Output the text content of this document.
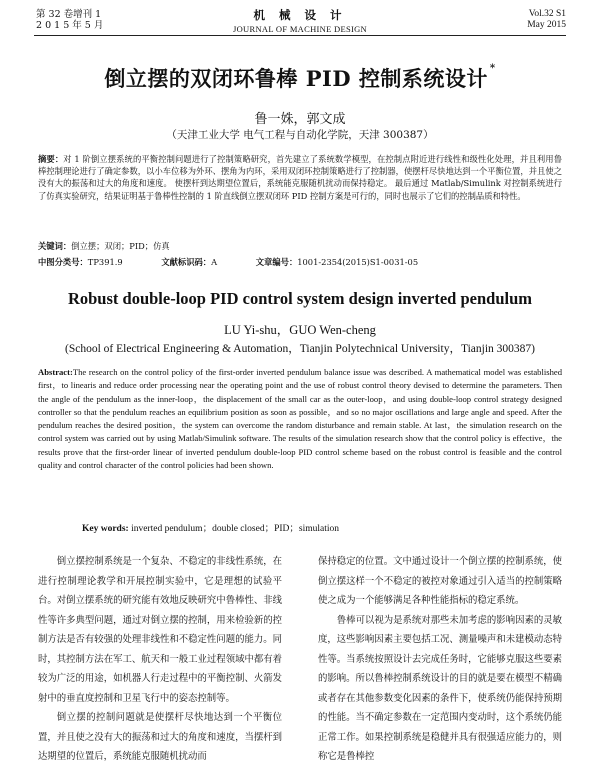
第 32 卷增刊 1
2 0 1 5 年 5 月
机 械 设 计
JOURNAL OF MACHINE DESIGN
Vol.32 S1
May 2015
倒立摆的双闭环鲁棒 PID 控制系统设计 *
鲁一姝，郭文成
（天津工业大学 电气工程与自动化学院，天津 300387）
摘要：对 1 阶倒立摆系统的平衡控制问题进行了控制策略研究，首先建立了系统数学模型，在控制点附近进行线性和级性化处理，并且利用鲁棒控制理论进行了确定参数，以小车位移为外环、摆角为内环，采用双闭环控制策略进行了控制器，使摆杆尽快地达到一个平衡位置，并且使之没有大的振荡和过大的角度和速度。 使摆杆到达期望位置后，系统能克服随机扰动而保持稳定。 最后通过 Matlab/Simulink 对控制系统进行了仿真实验研究，结果证明基于鲁棒性控制的 1 阶直线倒立摆双闭环 PID 控制方案是可行的，同时也展示了它们的控制品质和特性。
关键词：倒立摆；双闭；PID；仿真
中图分类号：TP391.9	文献标识码：A	文章编号：1001-2354(2015)S1-0031-05
Robust double-loop PID control system design inverted pendulum
LU Yi-shu，GUO Wen-cheng
(School of Electrical Engineering & Automation，Tianjin Polytechnical University，Tianjin 300387)
Abstract:The research on the control policy of the first-order inverted pendulum balance issue was described. A mathematical model was established first，to linearis and reduce order processing near the operating point and the use of robust control theory devised to determine the parameters. Then the angle of the pendulum as the inner-loop，the displacement of the small car as the outer-loop，and using double-loop control strategy designed controller so that the pendulum reaches an equilibrium position as soon as possible，and so no major oscillations and large angle and speed. After the pendulum reaches the desired position，the system can overcome the random disturbance and remain stable. At last，the simulation research on the control system was carried out by using Matlab/Simulink software. The results of the simulation research show that the control policy is effective，the results prove that the first-order linear of inverted pendulum double-loop PID control scheme based on the robust control is feasible and the control quality and control character of the control policies had been shown.
Key words: inverted pendulum；double closed；PID；simulation

倒立摆控制系统是一个复杂、不稳定的非线性系统，在进行控制理论教学和开展控制实验中，它是理想的试验平台。对倒立摆系统的研究能有效地反映研究中鲁棒性、非线性等许多典型问题，通过对倒立摆的控制，用来检验新的控制方法是否有较强的处理非线性和不稳定性问题的能力。同时，其控制方法在军工、航天和一般工业过程领域中都有着较为广泛的用途，如机器人行走过程中的平衡控制、火箭发射中的垂直度控制和卫星飞行中的姿态控制等。

倒立摆的控制问题就是使摆杆尽快地达到一个平衡位置，并且使之没有大的振荡和过大的角度和速度，当摆杆到达期望的位置后，系统能克服随机扰动而

保持稳定的位置。文中通过设计一个倒立摆的控制系统，使倒立摆这样一个不稳定的被控对象通过引入适当的控制策略使之成为一个能够满足各种性能指标的稳定系统。

鲁棒可以视为是系统对那些未加考虑的影响因素的灵敏度，这些影响因素主要包括工况、测量噪声和未建模动态特性等。当系统按照设计去完成任务时，它能够克服这些要素的影响。所以鲁棒控制系统设计的目的就是要在模型不精确或者存在其他参数变化因素的条件下，使系统仍能保持预期的性能。当不确定参数在一定范围内变动时，这个系统仍能正常工作。如果控制系统是稳健并具有很强适应能力的，则称它是鲁棒控
